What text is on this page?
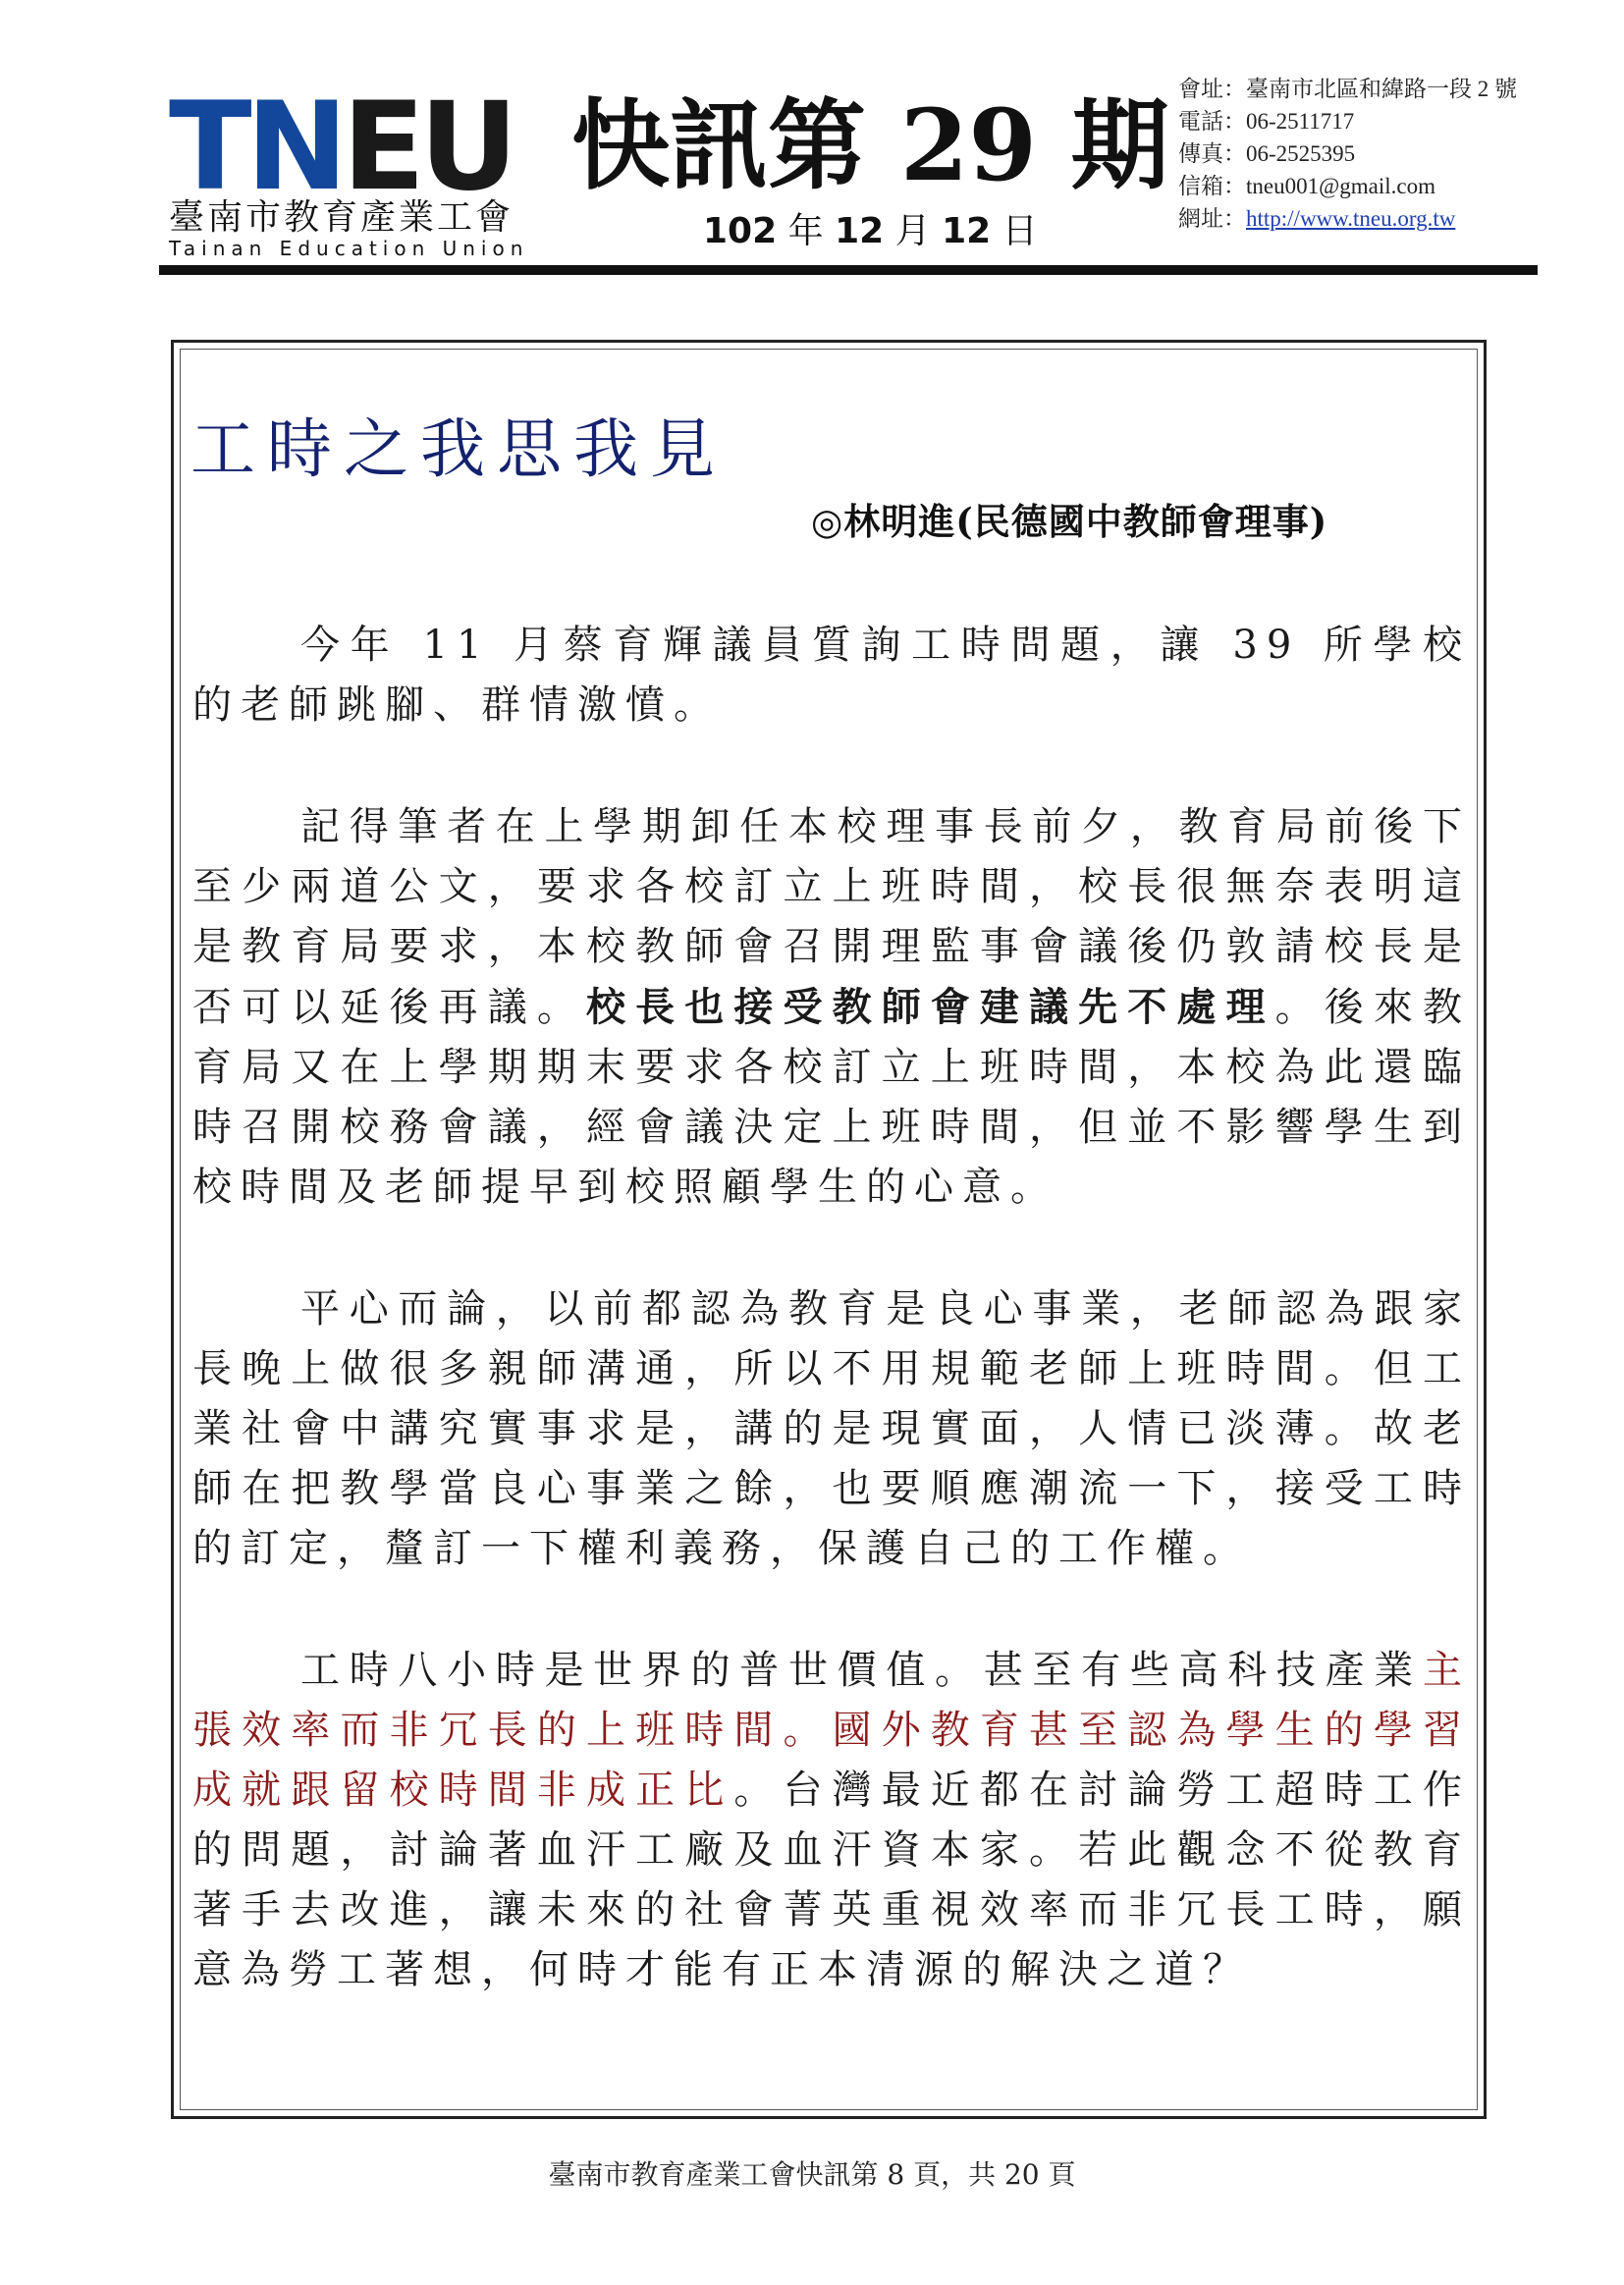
TNEU
臺南市教育產業工會
Tainan Education Union
快訊第 29 期
102 年 12 月 12 日
會址：臺南市北區和緯路一段 2 號
電話：06-2511717
傳真：06-2525395
信箱：tneu001@gmail.com
網址：http://www.tneu.org.tw
工時之我思我見
◎林明進(民德國中教師會理事)

今年 11 月蔡育輝議員質詢工時問題，讓 39 所學校的老師跳腳、群情激憤。

記得筆者在上學期卸任本校理事長前夕，教育局前後下至少兩道公文，要求各校訂立上班時間，校長很無奈表明這是教育局要求，本校教師會召開理監事會議後仍敦請校長是否可以延後再議。校長也接受教師會建議先不處理。後來教育局又在上學期期末要求各校訂立上班時間，本校為此還臨時召開校務會議，經會議決定上班時間，但並不影響學生到校時間及老師提早到校照顧學生的心意。

平心而論，以前都認為教育是良心事業，老師認為跟家長晚上做很多親師溝通，所以不用規範老師上班時間。但工業社會中講究實事求是，講的是現實面，人情已淡薄。故老師在把教學當良心事業之餘，也要順應潮流一下，接受工時的訂定，釐訂一下權利義務，保護自己的工作權。

工時八小時是世界的普世價值。甚至有些高科技產業主張效率而非冗長的上班時間。國外教育甚至認為學生的學習成就跟留校時間非成正比。台灣最近都在討論勞工超時工作的問題，討論著血汗工廠及血汗資本家。若此觀念不從教育著手去改進，讓未來的社會菁英重視效率而非冗長工時，願意為勞工著想，何時才能有正本清源的解決之道？

臺南市教育產業工會快訊第 8 頁，共 20 頁
